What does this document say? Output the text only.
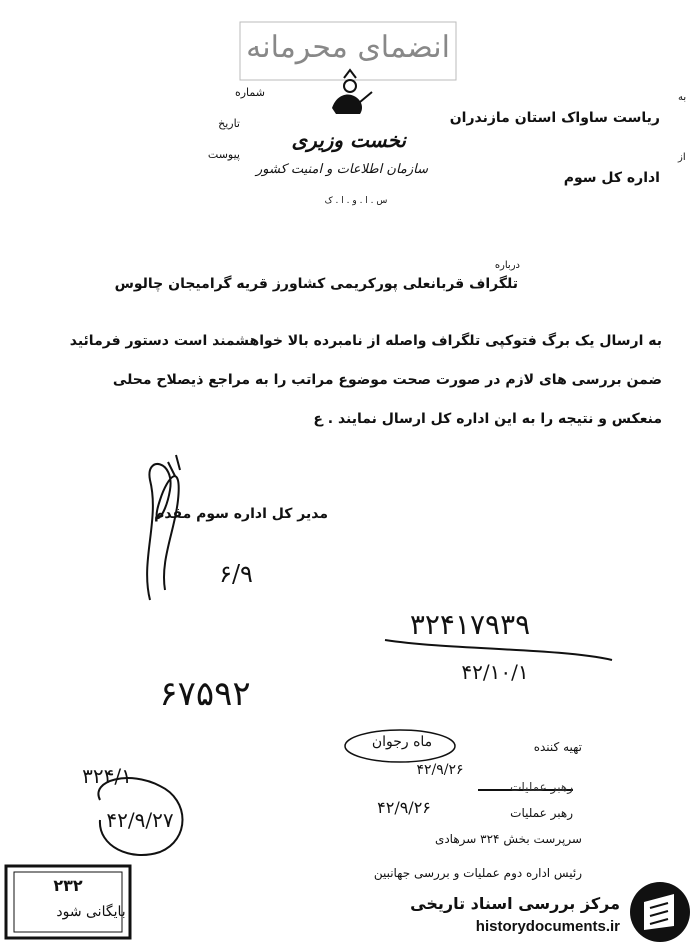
انضمای محرمانه
به
شماره
تاریخ
پیوست
نخست وزیری
سازمان اطلاعات و امنیت کشور
س . ا . و . ا . ک
ریاست ساواک استان مازندران
از
اداره کل سوم
درباره
تلگراف قربانعلی پورکریمی کشاورز قریه گرامیجان چالوس
به ارسال یک برگ فتوکپی تلگراف واصله از نامبرده بالا خواهشمند است دستور فرمائید
ضمن بررسی های لازم در صورت صحت موضوع مراتب را به مراجع ذیصلاح محلی
منعکس و نتیجه را به این اداره کل ارسال نمایند . ع
مدیر کل اداره سوم مقدم
۶/۹
۳۲۴۱۷۹۳۹
۴۲/۱۰/۱
۶۷۵۹۲
تهیه کننده
ماه رجوان
۴۲/۹/۲۶
رهبر عملیات
رهبر عملیات
۴۲/۹/۲۶
سرپرست بخش ۳۲۴ سرهادی
رئیس اداره دوم عملیات و بررسی جهانبین
۳۲۴/۱
۴۲/۹/۲۷
۲۳۲
بایگانی شود	مرکز بررسی اسناد تاریخی
historydocuments.ir
